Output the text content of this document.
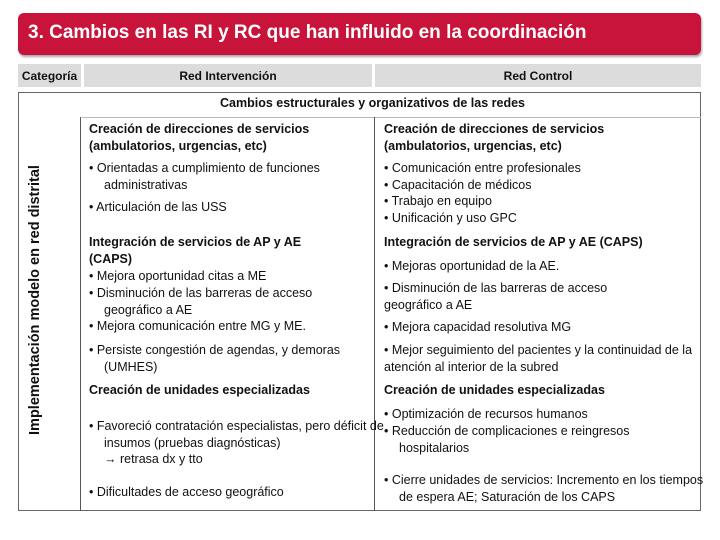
3. Cambios en las RI y RC que han influido en la coordinación
Categoría	Red Intervención	Red Control
Implementación modelo en red distrital
Cambios estructurales y organizativos de las redes
Creación de direcciones de servicios (ambulatorios, urgencias, etc)
• Orientadas a cumplimiento de funciones administrativas
• Articulación de las USS
Integración de servicios de AP y AE (CAPS)
• Mejora oportunidad citas a ME
• Disminución de las barreras de acceso geográfico a AE
• Mejora comunicación entre MG y ME.
• Persiste congestión de agendas, y demoras (UMHES)
Creación de unidades especializadas
• Favoreció contratación especialistas, pero déficit de insumos (pruebas diagnósticas)
→ retrasa dx y tto
• Dificultades de acceso geográfico
Creación de direcciones de servicios (ambulatorios, urgencias, etc)
• Comunicación entre profesionales
• Capacitación de médicos
• Trabajo en equipo
• Unificación y uso GPC
Integración de servicios de AP y AE (CAPS)
• Mejoras oportunidad de la AE.
• Disminución de las barreras de acceso geográfico a AE
• Mejora capacidad resolutiva MG
• Mejor seguimiento del pacientes y la continuidad de la atención al interior de la subred
Creación de unidades especializadas
• Optimización de recursos humanos
• Reducción de complicaciones e reingresos hospitalarios
• Cierre unidades de servicios: Incremento en los tiempos de espera AE; Saturación de los CAPS
